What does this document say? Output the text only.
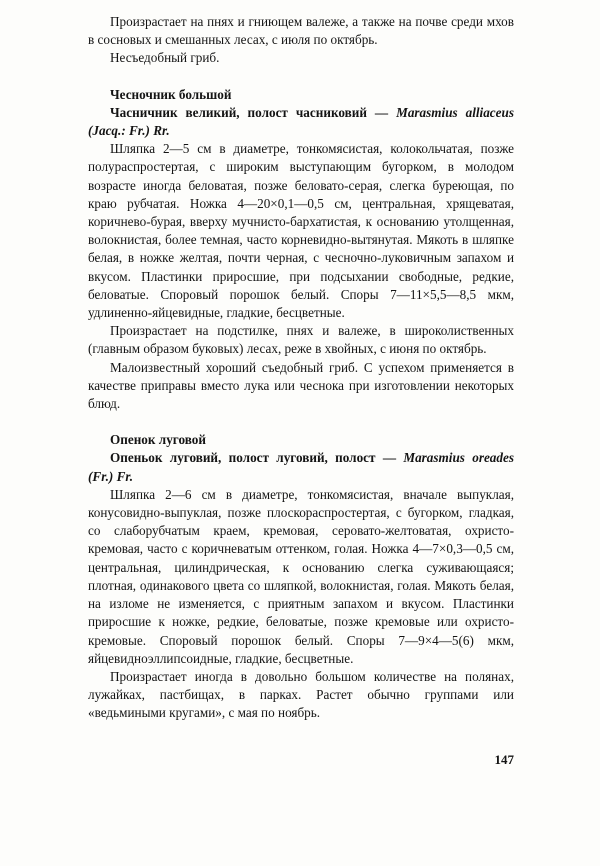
Произрастает на пнях и гниющем валеже, а также на почве среди мхов в сосновых и смешанных лесах, с июля по октябрь.

Несъедобный гриб.

Чесночник большой

Часничник великий, полост часниковий — Marasmius alliaceus (Jacq.: Fr.) Rr.

Шляпка 2—5 см в диаметре, тонкомясистая, колокольчатая, позже полураспростертая, с широким выступающим бугорком, в молодом возрасте иногда беловатая, позже беловато-серая, слегка буреющая, по краю рубчатая. Ножка 4—20×0,1—0,5 см, центральная, хрящеватая, коричнево-бурая, вверху мучнисто-бархатистая, к основанию утолщенная, волокнистая, более темная, часто корневидно-вытянутая. Мякоть в шляпке белая, в ножке желтая, почти черная, с чесночно-луковичным запахом и вкусом. Пластинки приросшие, при подсыхании свободные, редкие, беловатые. Споровый порошок белый. Споры 7—11×5,5—8,5 мкм, удлиненно-яйцевидные, гладкие, бесцветные.

Произрастает на подстилке, пнях и валеже, в широколиственных (главным образом буковых) лесах, реже в хвойных, с июня по октябрь.

Малоизвестный хороший съедобный гриб. С успехом применяется в качестве приправы вместо лука или чеснока при изготовлении некоторых блюд.

Опенок луговой

Опеньок луговий, полост луговий, полост — Marasmius oreades (Fr.) Fr.

Шляпка 2—6 см в диаметре, тонкомясистая, вначале выпуклая, конусовидно-выпуклая, позже плоскораспростертая, с бугорком, гладкая, со слаборубчатым краем, кремовая, серовато-желтоватая, охристо-кремовая, часто с коричневатым оттенком, голая. Ножка 4—7×0,3—0,5 см, центральная, цилиндрическая, к основанию слегка суживающаяся; плотная, одинакового цвета со шляпкой, волокнистая, голая. Мякоть белая, на изломе не изменяется, с приятным запахом и вкусом. Пластинки приросшие к ножке, редкие, беловатые, позже кремовые или охристо-кремовые. Споровый порошок белый. Споры 7—9×4—5(6) мкм, яйцевидноэллипсоидные, гладкие, бесцветные.

Произрастает иногда в довольно большом количестве на полянах, лужайках, пастбищах, в парках. Растет обычно группами или «ведьмиными кругами», с мая по ноябрь.

147
